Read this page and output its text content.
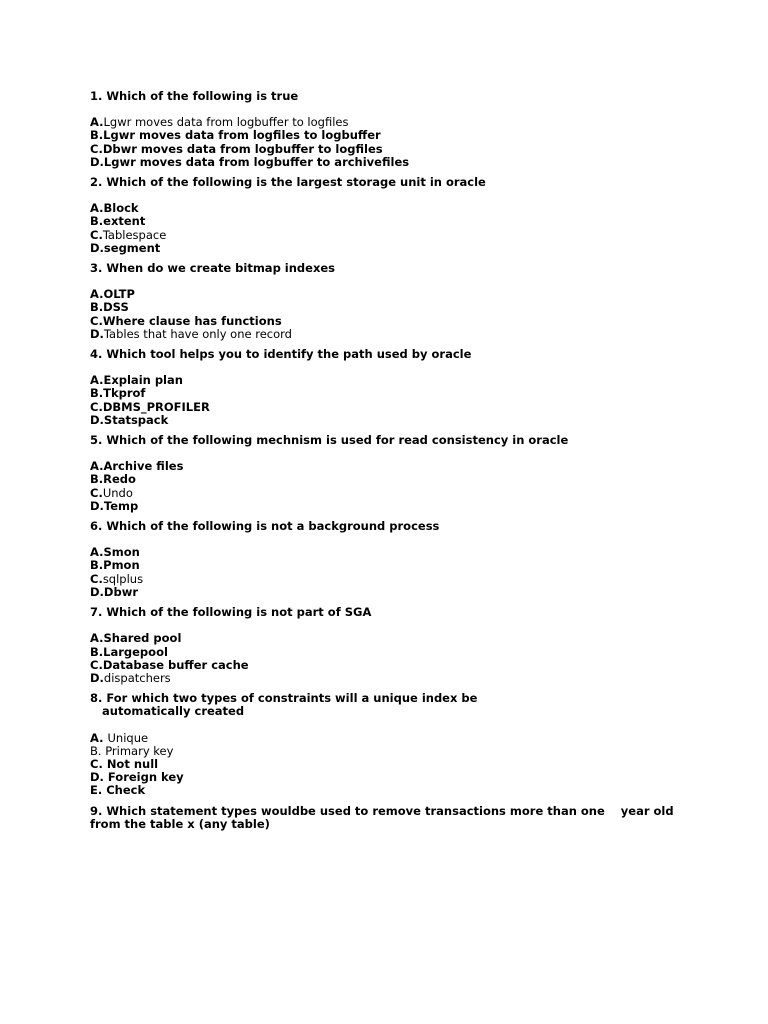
1. Which of the following is true
A.Lgwr moves data from logbuffer to logfiles
B.Lgwr moves data from logfiles to logbuffer
C.Dbwr moves data from logbuffer to logfiles
D.Lgwr moves data from logbuffer to archivefiles
2. Which of the following is the largest storage unit in oracle
A.Block
B.extent
C.Tablespace
D.segment
3. When do we create bitmap indexes
A.OLTP
B.DSS
C.Where clause has functions
D.Tables that have only one record
4. Which tool helps you to identify the path used by oracle
A.Explain plan
B.Tkprof
C.DBMS_PROFILER
D.Statspack
5. Which of the following mechnism is used for read consistency in oracle
A.Archive files
B.Redo
C.Undo
D.Temp
6. Which of the following is not a background process
A.Smon
B.Pmon
C.sqlplus
D.Dbwr
7. Which of the following is not part of SGA
A.Shared pool
B.Largepool
C.Database buffer cache
D.dispatchers
8. For which two types of constraints will a unique index be
automatically created
A. Unique
B. Primary key
C. Not null
D. Foreign key
E. Check
9. Which statement types wouldbe used to remove transactions more than one    year old
from the table x (any table)
